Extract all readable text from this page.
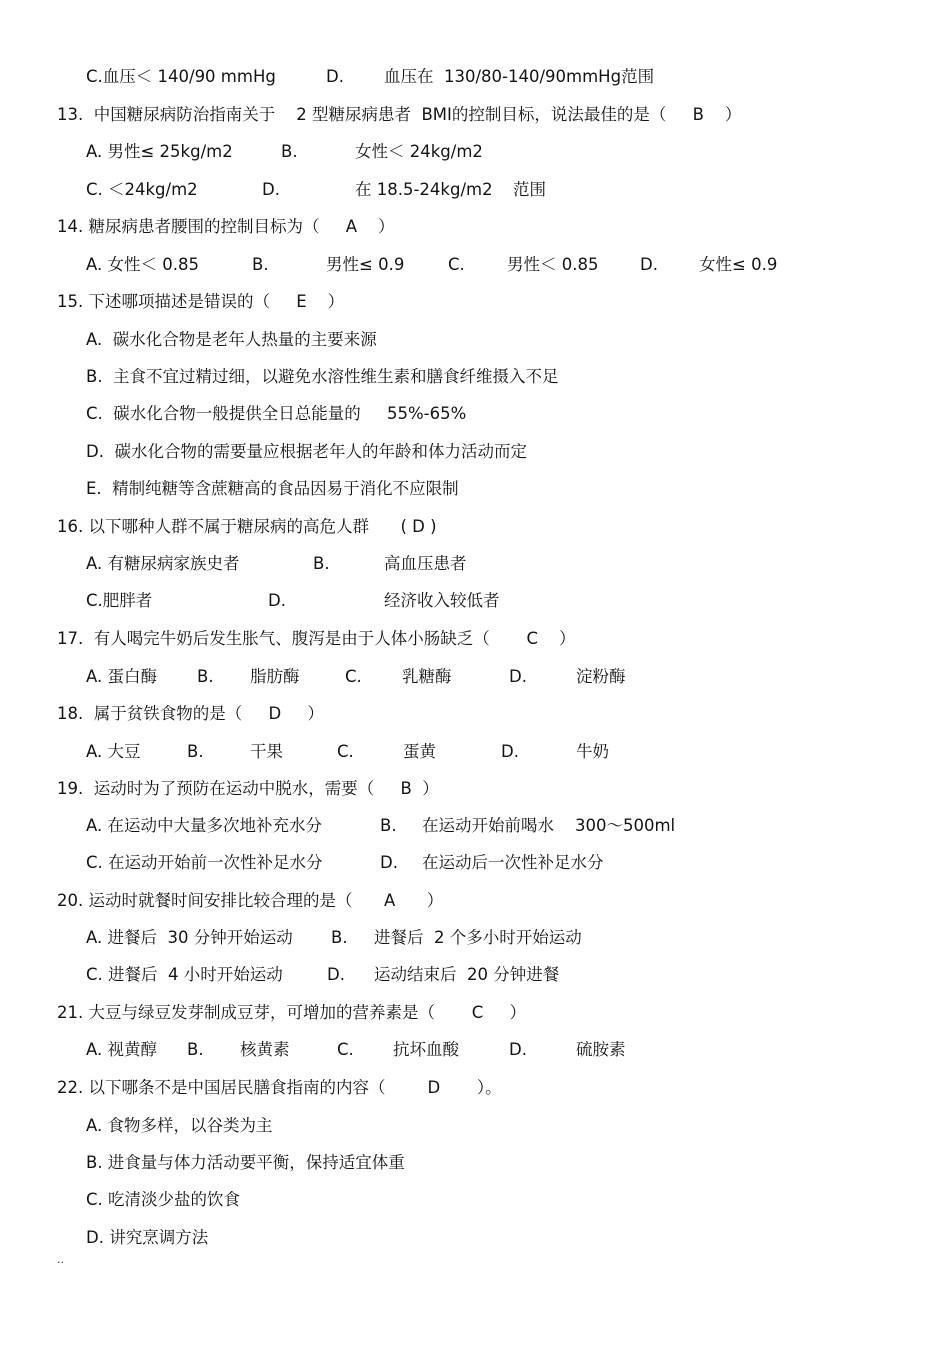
C.血压＜ 140/90 mmHg	D. 血压在  130/80-140/90mmHg范围
13.  中国糖尿病防治指南关于    2 型糖尿病患者  BMI的控制目标，说法最佳的是（     B    ）
A. 男性≤ 25kg/m2	B.	女性＜ 24kg/m2
C. ＜24kg/m2	D.	在 18.5-24kg/m2 范围
14. 糖尿病患者腰围的控制目标为（     A    ）
A. 女性＜ 0.85	B.	男性≤ 0.9	C.	男性＜ 0.85	D. 女性≤ 0.9
15. 下述哪项描述是错误的（     E    ）
A.  碳水化合物是老年人热量的主要来源
B.  主食不宜过精过细，以避免水溶性维生素和膳食纤维摄入不足
C.  碳水化合物一般提供全日总能量的     55%-65%
D.  碳水化合物的需要量应根据老年人的年龄和体力活动而定
E.  精制纯糖等含蔗糖高的食品因易于消化不应限制
16. 以下哪种人群不属于糖尿病的高危人群      ( D )
A. 有糖尿病家族史者	B.	高血压患者
C.肥胖者	D.	经济收入较低者
17.  有人喝完牛奶后发生胀气、腹泻是由于人体小肠缺乏（       C    ）
A. 蛋白酶 B. 脂肪酶	C. 乳糖酶	D.	淀粉酶
18.  属于贫铁食物的是（     D     ）
A. 大豆	B.	干果	C.	蛋黄	D.	牛奶
19.  运动时为了预防在运动中脱水，需要（     B  ）
A. 在运动中大量多次地补充水分	B. 在运动开始前喝水    300～500ml
C. 在运动开始前一次性补足水分	D. 在运动后一次性补足水分
20. 运动时就餐时间安排比较合理的是（      A      ）
A. 进餐后  30 分钟开始运动 B. 进餐后  2 个多小时开始运动
C. 进餐后  4 小时开始运动	D. 运动结束后  20 分钟进餐
21. 大豆与绿豆发芽制成豆芽，可增加的营养素是（       C     ）
A. 视黄醇 B. 核黄素	C. 抗坏血酸	D.	硫胺素
22. 以下哪条不是中国居民膳食指南的内容（        D       ）。
A. 食物多样，以谷类为主
B. 进食量与体力活动要平衡，保持适宜体重
C. 吃清淡少盐的饮食
D. 讲究烹调方法
..
